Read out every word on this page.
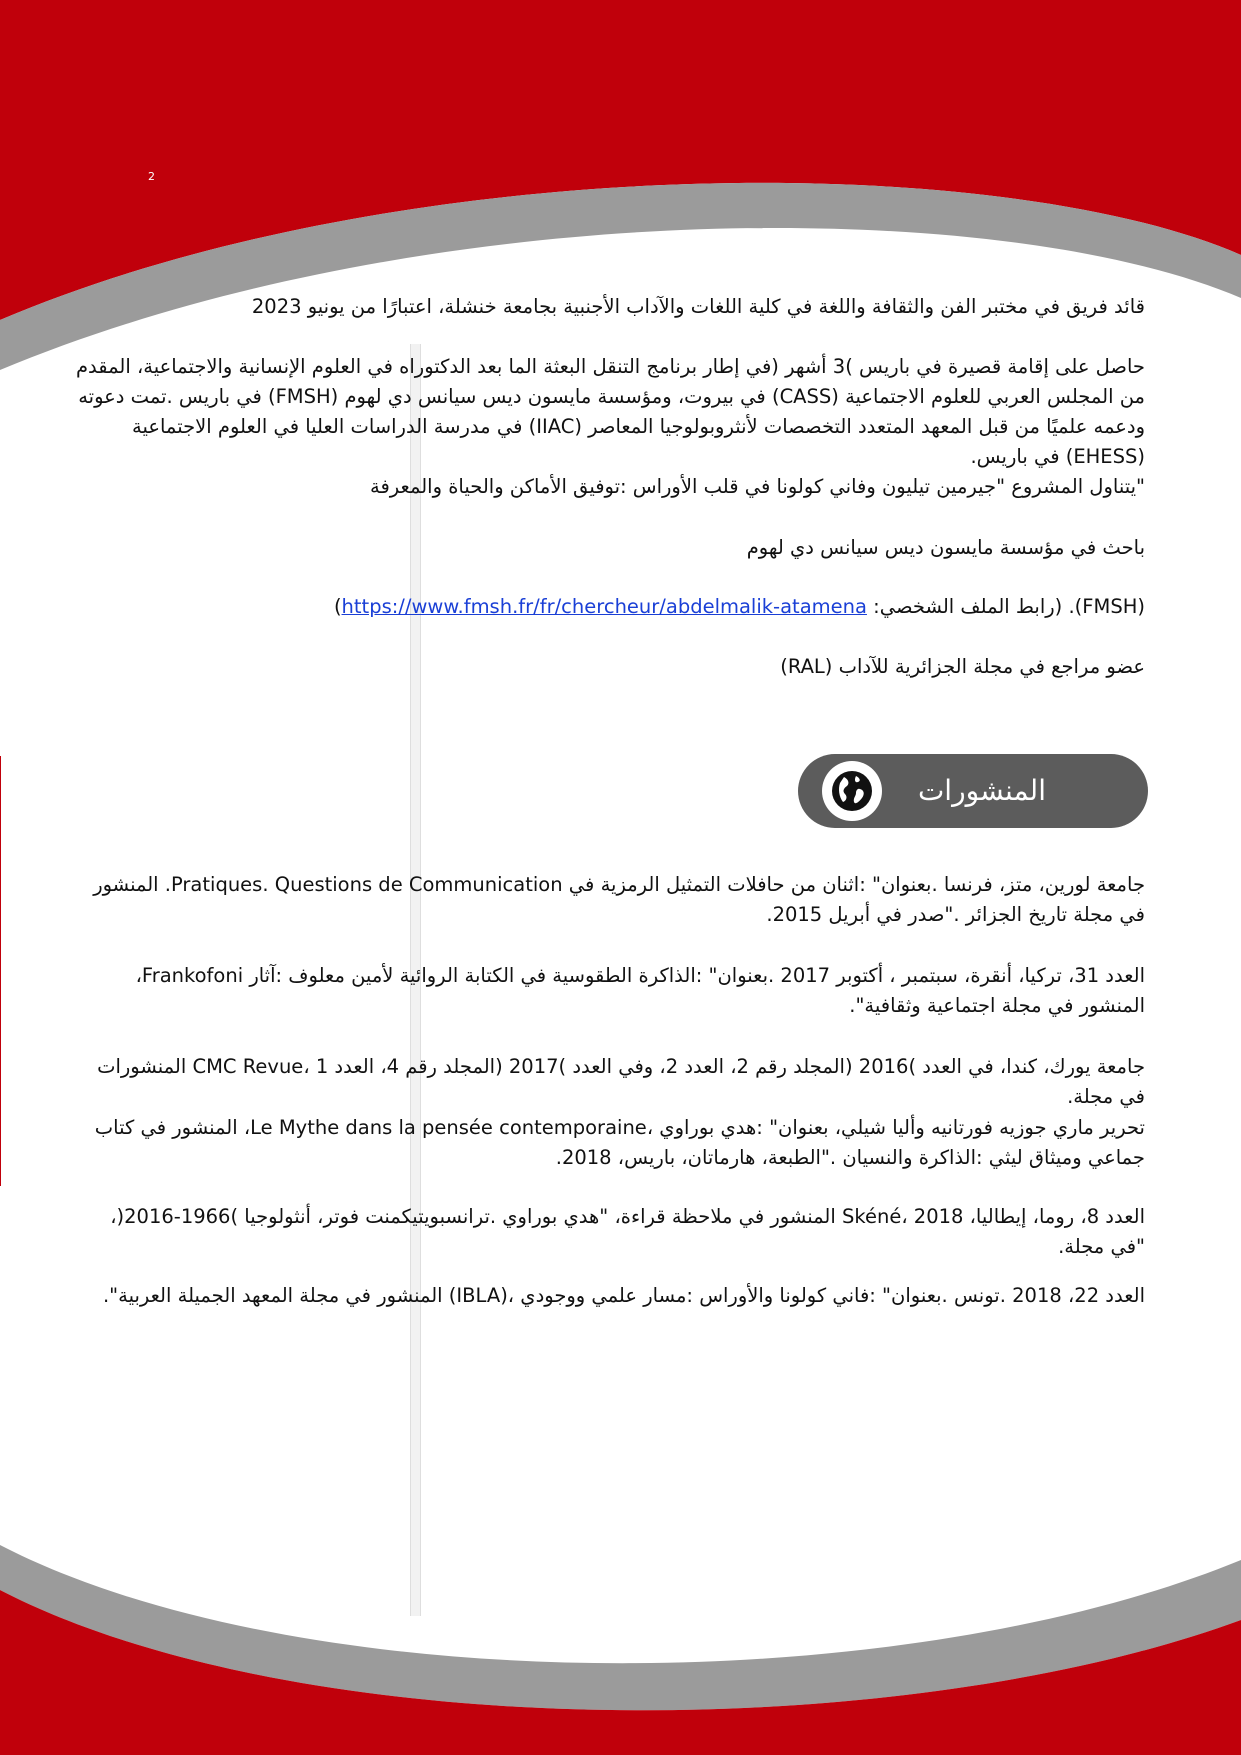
2
قائد فريق في مختبر الفن والثقافة واللغة في كلية اللغات والآداب الأجنبية بجامعة خنشلة، اعتبارًا من يونيو 2023
حاصل على إقامة قصيرة في باريس )3 أشهر (في إطار برنامج التنقل البعثة الما بعد الدكتوراه في العلوم الإنسانية والاجتماعية، المقدم من المجلس العربي للعلوم الاجتماعية (CASS) في بيروت، ومؤسسة مايسون ديس سيانس دي لهوم (FMSH) في باريس .تمت دعوته ودعمه علميًا من قبل المعهد المتعدد التخصصات لأنثروبولوجيا المعاصر (IIAC) في مدرسة الدراسات العليا في العلوم الاجتماعية (EHESS) في باريس.
"يتناول المشروع "جيرمين تيليون وفاني كولونا في قلب الأوراس :توفيق الأماكن والحياة والمعرفة
باحث في مؤسسة مايسون ديس سيانس دي لهوم
(FMSH). (رابط الملف الشخصي: https://www.fmsh.fr/fr/chercheur/abdelmalik-atamena)
عضو مراجع في مجلة الجزائرية للآداب (RAL)
المنشورات
جامعة لورين، متز، فرنسا .بعنوان" :اثنان من حافلات التمثيل الرمزية في Pratiques. Questions de Communication. المنشور في مجلة تاريخ الجزائر ."صدر في أبريل 2015.
العدد 31، تركيا، أنقرة، سبتمبر ، أكتوبر 2017 .بعنوان" :الذاكرة الطقوسية في الكتابة الروائية لأمين معلوف :آثار Frankofoni، المنشور في مجلة اجتماعية وثقافية".
جامعة يورك، كندا، في العدد )2016 (المجلد رقم 2، العدد 2، وفي العدد )2017 (المجلد رقم 4، العدد 1 ،CMC Revue المنشورات في مجلة.
تحرير ماري جوزيه فورتانيه وأليا شيلي، بعنوان" :هدي بوراوي ،Le Mythe dans la pensée contemporaine، المنشور في كتاب جماعي وميثاق ليثي :الذاكرة والنسيان ."الطبعة، هارماتان، باريس، 2018.
العدد 8، روما، إيطاليا، Skéné، 2018 المنشور في ملاحظة قراءة، "هدي بوراوي .ترانسبويتيكمنت فوتر، أنثولوجيا )1966-2016(، "في مجلة.
العدد 22، 2018 .تونس .بعنوان" :فاني كولونا والأوراس :مسار علمي ووجودي ،(IBLA) المنشور في مجلة المعهد الجميلة العربية".
